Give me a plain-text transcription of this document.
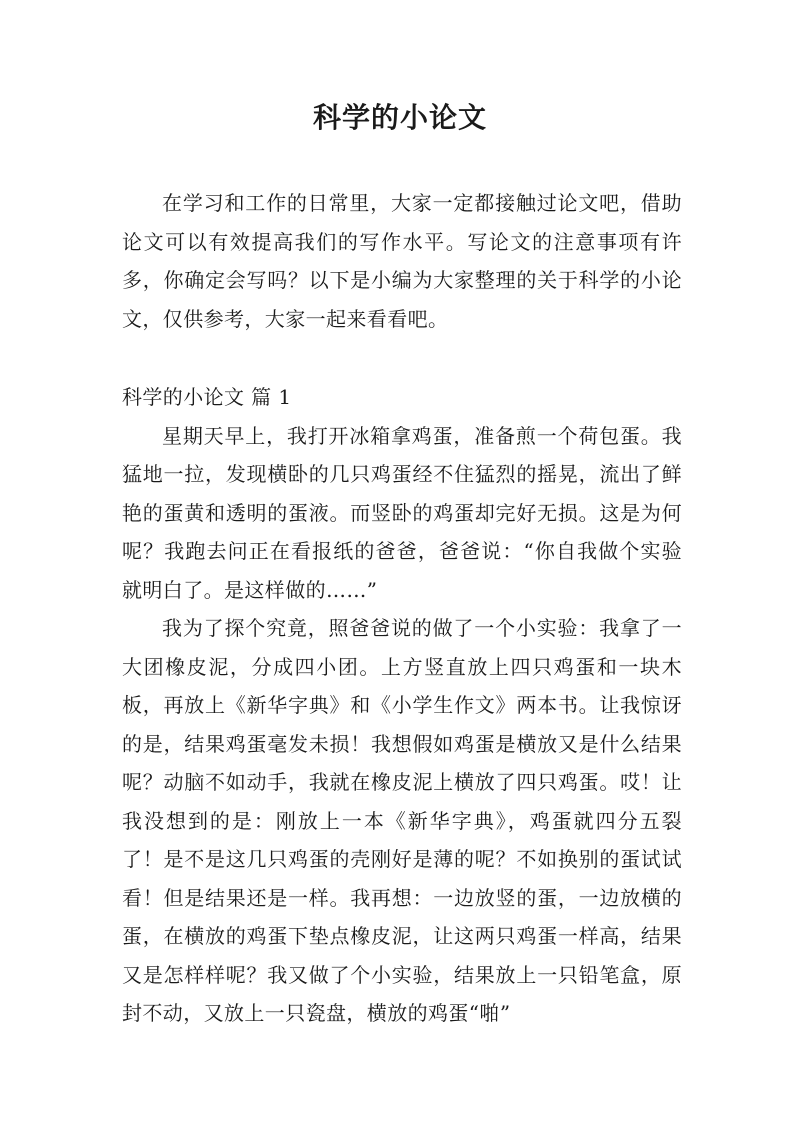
科学的小论文

在学习和工作的日常里，大家一定都接触过论文吧，借助论文可以有效提高我们的写作水平。写论文的注意事项有许多，你确定会写吗？以下是小编为大家整理的关于科学的小论文，仅供参考，大家一起来看看吧。

科学的小论文 篇 1

星期天早上，我打开冰箱拿鸡蛋，准备煎一个荷包蛋。我猛地一拉，发现横卧的几只鸡蛋经不住猛烈的摇晃，流出了鲜艳的蛋黄和透明的蛋液。而竖卧的鸡蛋却完好无损。这是为何呢？我跑去问正在看报纸的爸爸，爸爸说：“你自我做个实验就明白了。是这样做的……”

我为了探个究竟，照爸爸说的做了一个小实验：我拿了一大团橡皮泥，分成四小团。上方竖直放上四只鸡蛋和一块木板，再放上《新华字典》和《小学生作文》两本书。让我惊讶的是，结果鸡蛋毫发未损！我想假如鸡蛋是横放又是什么结果呢？动脑不如动手，我就在橡皮泥上横放了四只鸡蛋。哎！让我没想到的是：刚放上一本《新华字典》，鸡蛋就四分五裂了！是不是这几只鸡蛋的壳刚好是薄的呢？不如换别的蛋试试看！但是结果还是一样。我再想：一边放竖的蛋，一边放横的蛋，在横放的鸡蛋下垫点橡皮泥，让这两只鸡蛋一样高，结果又是怎样样呢？我又做了个小实验，结果放上一只铅笔盒，原封不动，又放上一只瓷盘，横放的鸡蛋“啪”
